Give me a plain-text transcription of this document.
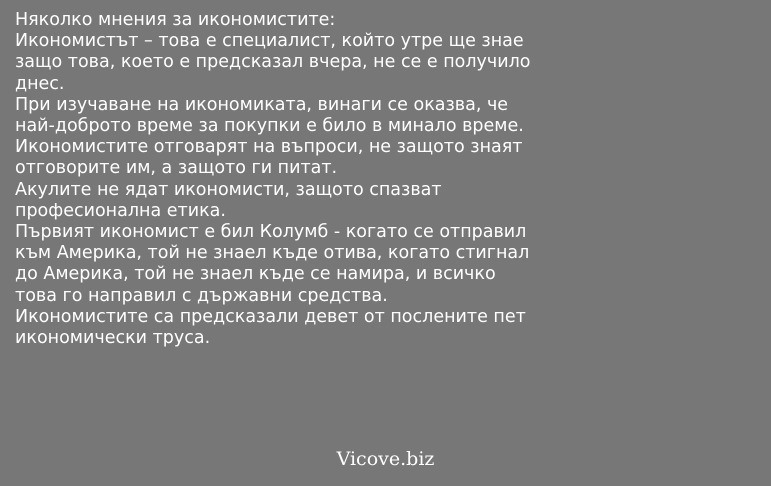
Няколко мнения за икономистите:
Икономистът – това е специалист, който утре ще знае
защо това, което е предсказал вчера, не се е получило
днес.
При изучаване на икономиката, винаги се оказва, че
най-доброто време за покупки е било в минало време.
Икономистите отговарят на въпроси, не защото знаят
отговорите им, а защото ги питат.
Акулите не ядат икономисти, защото спазват
професионална етика.
Първият икономист е бил Колумб - когато се отправил
към Америка, той не знаел къде отива, когато стигнал
до Америка, той не знаел къде се намира, и всичко
това го направил с държавни средства.
Икономистите са предсказали девет от послените пет
икономически труса.
Vicove.biz
